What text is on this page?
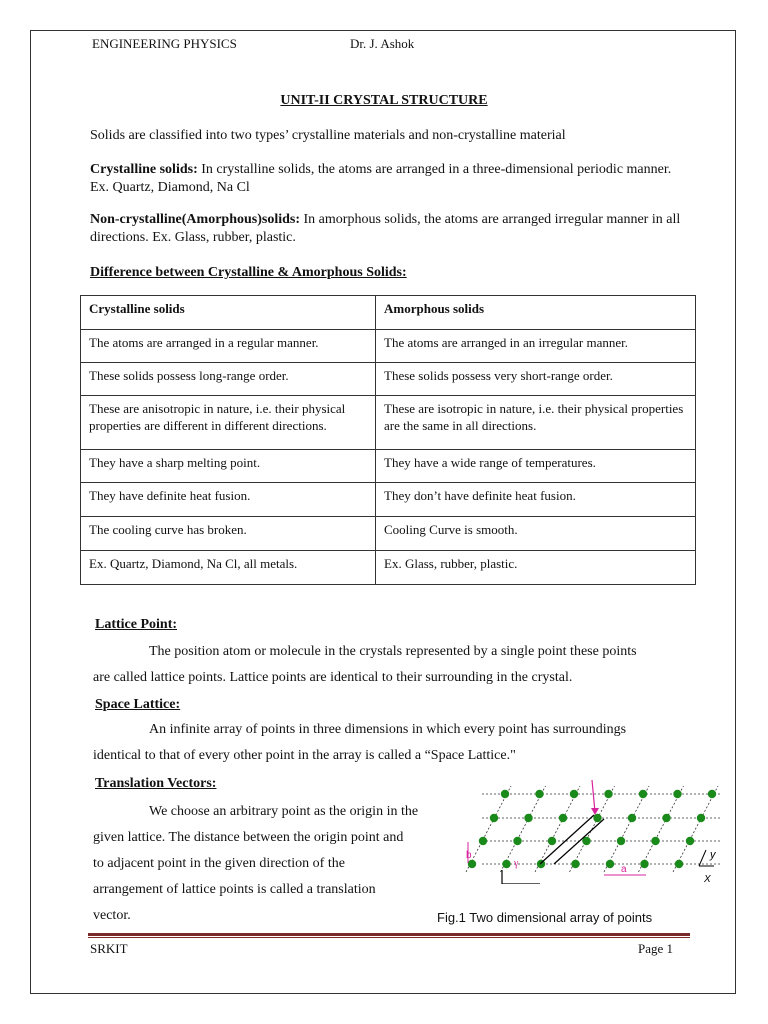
ENGINEERING PHYSICS	Dr. J. Ashok
UNIT-II CRYSTAL STRUCTURE
Solids are classified into two types’ crystalline materials and non-crystalline material
Crystalline solids: In crystalline solids, the atoms are arranged in a three-dimensional periodic manner. Ex. Quartz, Diamond, Na Cl
Non-crystalline(Amorphous)solids: In amorphous solids, the atoms are arranged irregular manner in all directions. Ex. Glass, rubber, plastic.
Difference between Crystalline & Amorphous Solids:
Crystalline solids	Amorphous solids
The atoms are arranged in a regular manner.	The atoms are arranged in an irregular manner.
These solids possess long-range order.	These solids possess very short-range order.
These are anisotropic in nature, i.e. their physical properties are different in different directions.	These are isotropic in nature, i.e. their physical properties are the same in all directions.
They have a sharp melting point.	They have a wide range of temperatures.
They have definite heat fusion.	They don’t have definite heat fusion.
The cooling curve has broken.	Cooling Curve is smooth.
Ex. Quartz, Diamond, Na Cl, all metals.	Ex. Glass, rubber, plastic.
Lattice Point:
The position atom or molecule in the crystals represented by a single point these points
are called lattice points. Lattice points are identical to their surrounding in the crystal.
Space Lattice:
An infinite array of points in three dimensions in which every point has surroundings
identical to that of every other point in the array is called a “Space Lattice."
Translation Vectors:
We choose an arbitrary point as the origin in the
given lattice. The distance between the origin point and
to adjacent point in the given direction of the
arrangement of lattice points is called a translation
vector.
b
a
γ
X
y
Fig.1 Two dimensional array of points
SRKIT	Page 1
